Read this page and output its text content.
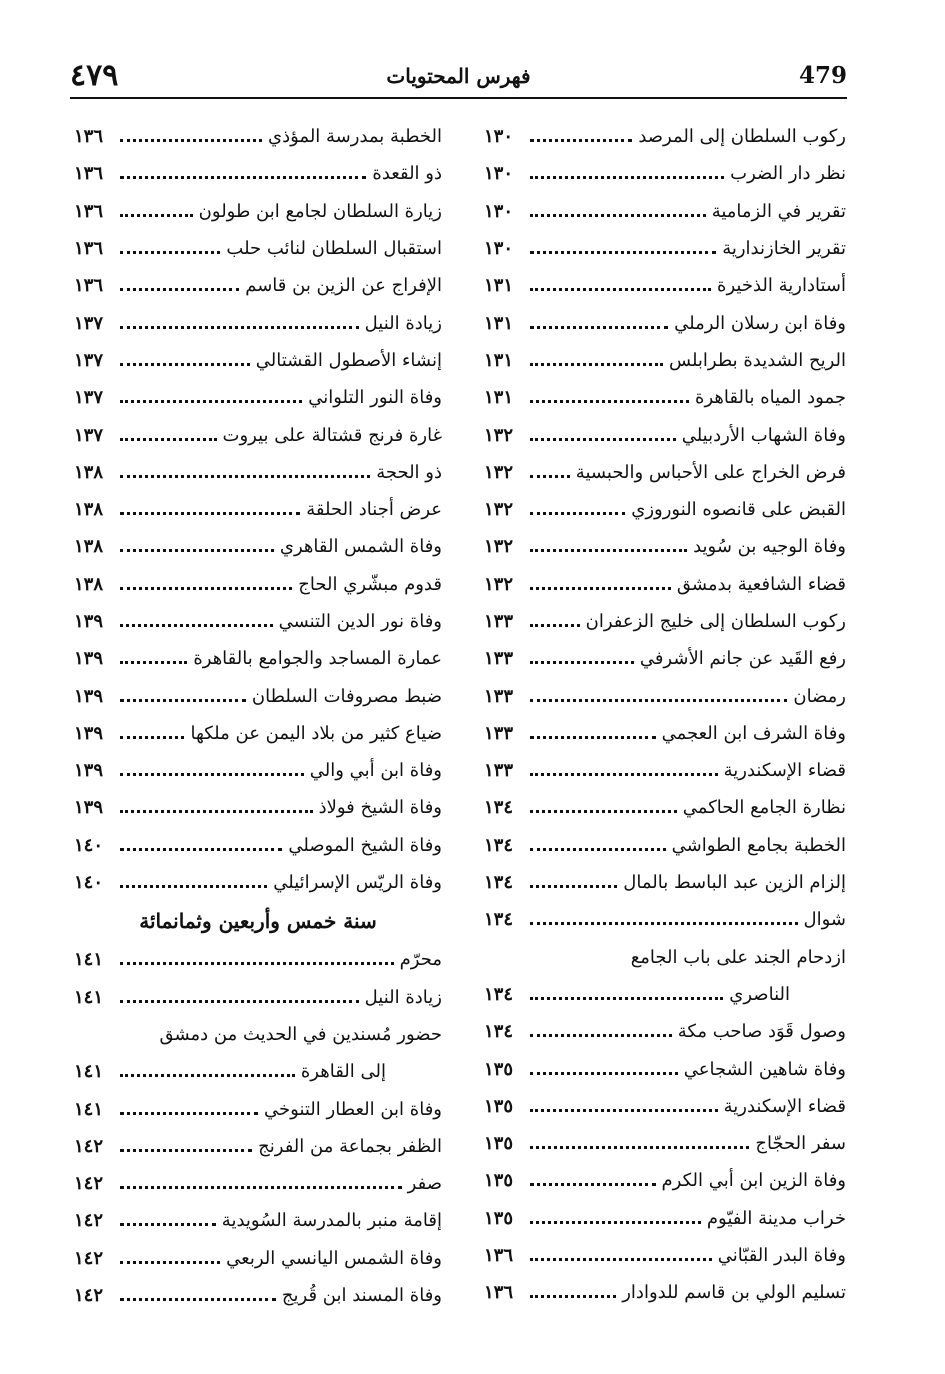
٤٧٩	فهرس المحتويات	479
ركوب السلطان إلى المرصد
١٣٠
نظر دار الضرب
١٣٠
تقرير في الزمامية
١٣٠
تقرير الخازندارية
١٣٠
أستادارية الذخيرة
١٣١
وفاة ابن رسلان الرملي
١٣١
الريح الشديدة بطرابلس
١٣١
جمود المياه بالقاهرة
١٣١
وفاة الشهاب الأردبيلي
١٣٢
فرض الخراج على الأحباس والحبسية
١٣٢
القبض على قانصوه النوروزي
١٣٢
وفاة الوجيه بن سُويد
١٣٢
قضاء الشافعية بدمشق
١٣٢
ركوب السلطان إلى خليج الزعفران
١٣٣
رفع القَيد عن جانم الأشرفي
١٣٣
رمضان
١٣٣
وفاة الشرف ابن العجمي
١٣٣
قضاء الإسكندرية
١٣٣
نظارة الجامع الحاكمي
١٣٤
الخطبة بجامع الطواشي
١٣٤
إلزام الزين عبد الباسط بالمال
١٣٤
شوال
١٣٤
ازدحام الجند على باب الجامع
الناصري
١٣٤
وصول قَوَد صاحب مكة
١٣٤
وفاة شاهين الشجاعي
١٣٥
قضاء الإسكندرية
١٣٥
سفر الحجّاج
١٣٥
وفاة الزين ابن أبي الكرم
١٣٥
خراب مدينة الفيّوم
١٣٥
وفاة البدر القبّاني
١٣٦
تسليم الولي بن قاسم للدوادار
١٣٦
الخطبة بمدرسة المؤذي
١٣٦
ذو القعدة
١٣٦
زيارة السلطان لجامع ابن طولون
١٣٦
استقبال السلطان لنائب حلب
١٣٦
الإفراج عن الزين بن قاسم
١٣٦
زيادة النيل
١٣٧
إنشاء الأصطول القشتالي
١٣٧
وفاة النور التلواني
١٣٧
غارة فرنج قشتالة على بيروت
١٣٧
ذو الحجة
١٣٨
عرض أجناد الحلقة
١٣٨
وفاة الشمس القاهري
١٣٨
قدوم مبشّري الحاج
١٣٨
وفاة نور الدين التنسي
١٣٩
عمارة المساجد والجوامع بالقاهرة
١٣٩
ضبط مصروفات السلطان
١٣٩
ضياع كثير من بلاد اليمن عن ملكها
١٣٩
وفاة ابن أبي والي
١٣٩
وفاة الشيخ فولاذ
١٣٩
وفاة الشيخ الموصلي
١٤٠
وفاة الريّس الإسرائيلي
١٤٠
سنة خمس وأربعين وثمانمائة
محرّم
١٤١
زيادة النيل
١٤١
حضور مُسندين في الحديث من دمشق
إلى القاهرة
١٤١
وفاة ابن العطار التنوخي
١٤١
الظفر بجماعة من الفرنج
١٤٢
صفر
١٤٢
إقامة منبر بالمدرسة السُويدية
١٤٢
وفاة الشمس اليانسي الربعي
١٤٢
وفاة المسند ابن قُريج
١٤٢
